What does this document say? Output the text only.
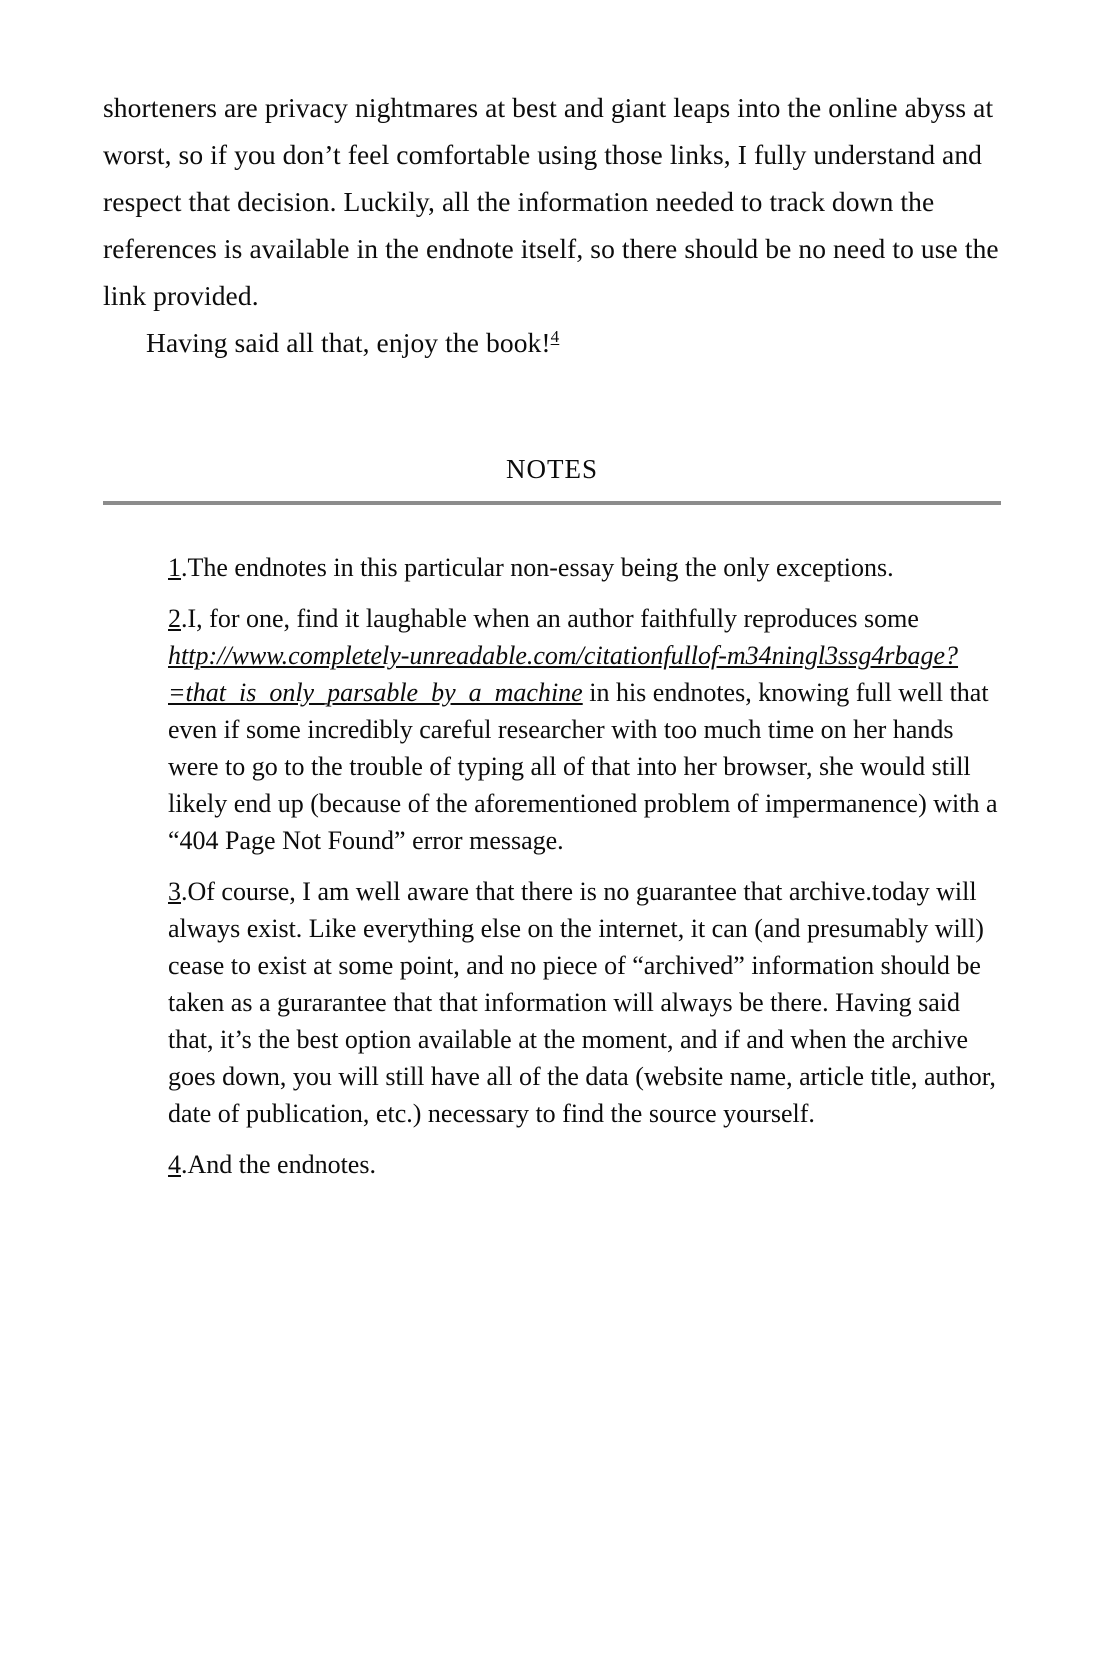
shorteners are privacy nightmares at best and giant leaps into the online abyss at worst, so if you don’t feel comfortable using those links, I fully understand and respect that decision. Luckily, all the information needed to track down the references is available in the endnote itself, so there should be no need to use the link provided.

Having said all that, enjoy the book!$^4$

NOTES

1.The endnotes in this particular non-essay being the only exceptions.

2.I, for one, find it laughable when an author faithfully reproduces some http://www.completely-unreadable.com/citationfullof-m34ningl3ssg4rbage?=that_is_only_parsable_by_a_machine in his endnotes, knowing full well that even if some incredibly careful researcher with too much time on her hands were to go to the trouble of typing all of that into her browser, she would still likely end up (because of the aforementioned problem of impermanence) with a “404 Page Not Found” error message.

3.Of course, I am well aware that there is no guarantee that archive.today will always exist. Like everything else on the internet, it can (and presumably will) cease to exist at some point, and no piece of “archived” information should be taken as a gurarantee that that information will always be there. Having said that, it’s the best option available at the moment, and if and when the archive goes down, you will still have all of the data (website name, article title, author, date of publication, etc.) necessary to find the source yourself.

4.And the endnotes.
